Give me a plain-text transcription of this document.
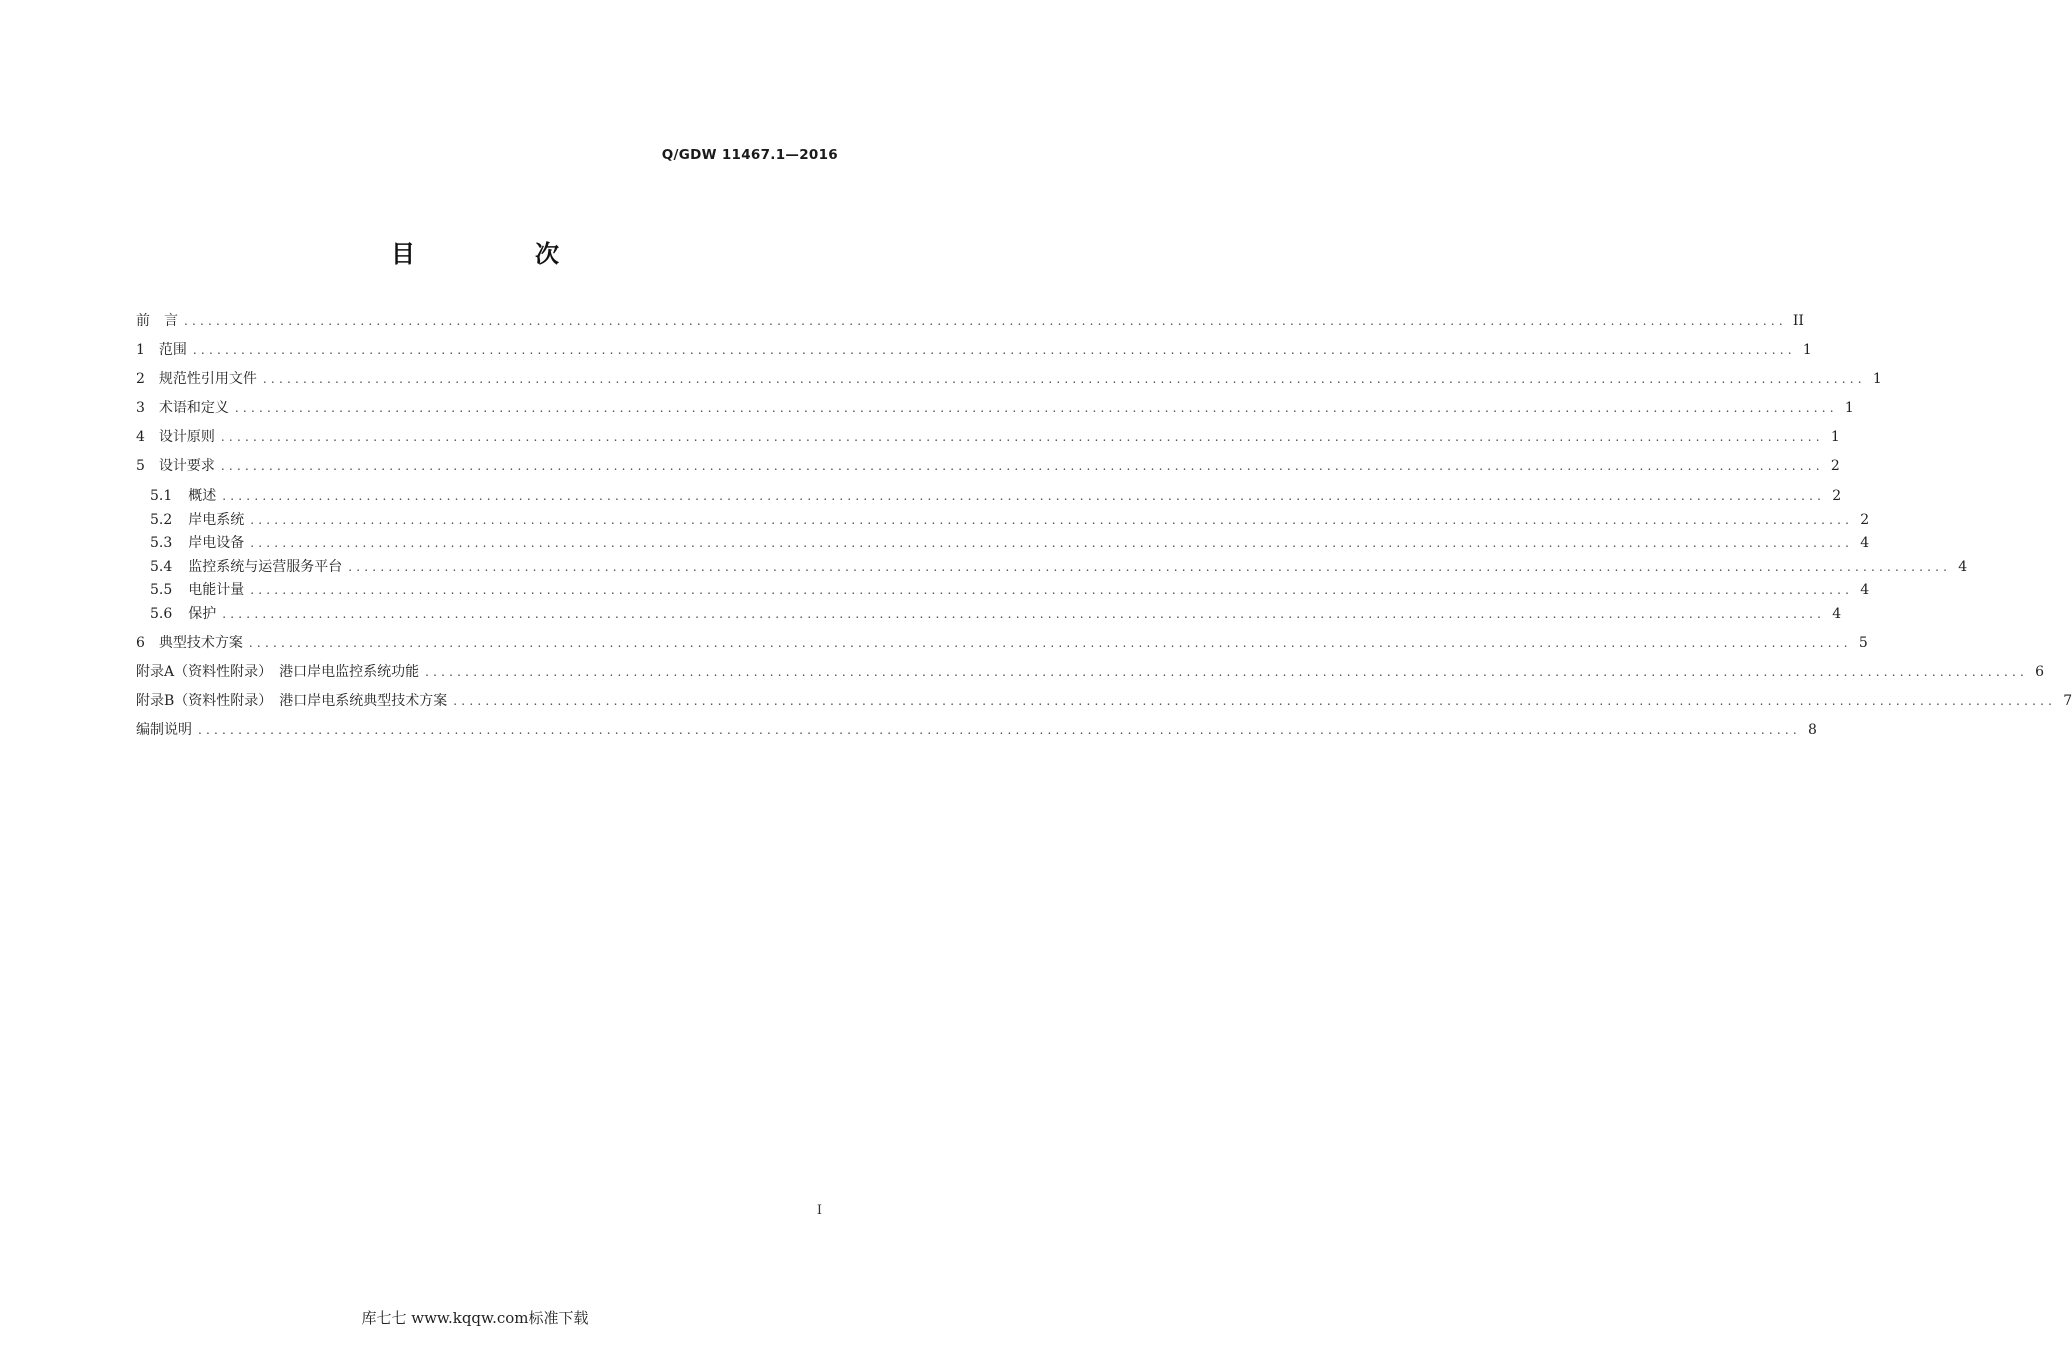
Q/GDW 11467.1—2016
目　次
前　言 ........................................................................................................................................................................................................ II
1 范围 ........................................................................................................................................................................................................ 1
2 规范性引用文件 ........................................................................................................................................................................................................ 1
3 术语和定义 ........................................................................................................................................................................................................ 1
4 设计原则 ........................................................................................................................................................................................................ 1
5 设计要求 ........................................................................................................................................................................................................ 2
5.1 概述 ........................................................................................................................................................................................................ 2
5.2 岸电系统 ........................................................................................................................................................................................................ 2
5.3 岸电设备 ........................................................................................................................................................................................................ 4
5.4 监控系统与运营服务平台 ........................................................................................................................................................................................................ 4
5.5 电能计量 ........................................................................................................................................................................................................ 4
5.6 保护 ........................................................................................................................................................................................................ 4
6 典型技术方案 ........................................................................................................................................................................................................ 5
附录A（资料性附录）　港口岸电监控系统功能 ........................................................................................................................................................................................................ 6
附录B（资料性附录）　港口岸电系统典型技术方案 ........................................................................................................................................................................................................ 7
编制说明 ........................................................................................................................................................................................................ 8
I
库七七 www.kqqw.com标准下载
